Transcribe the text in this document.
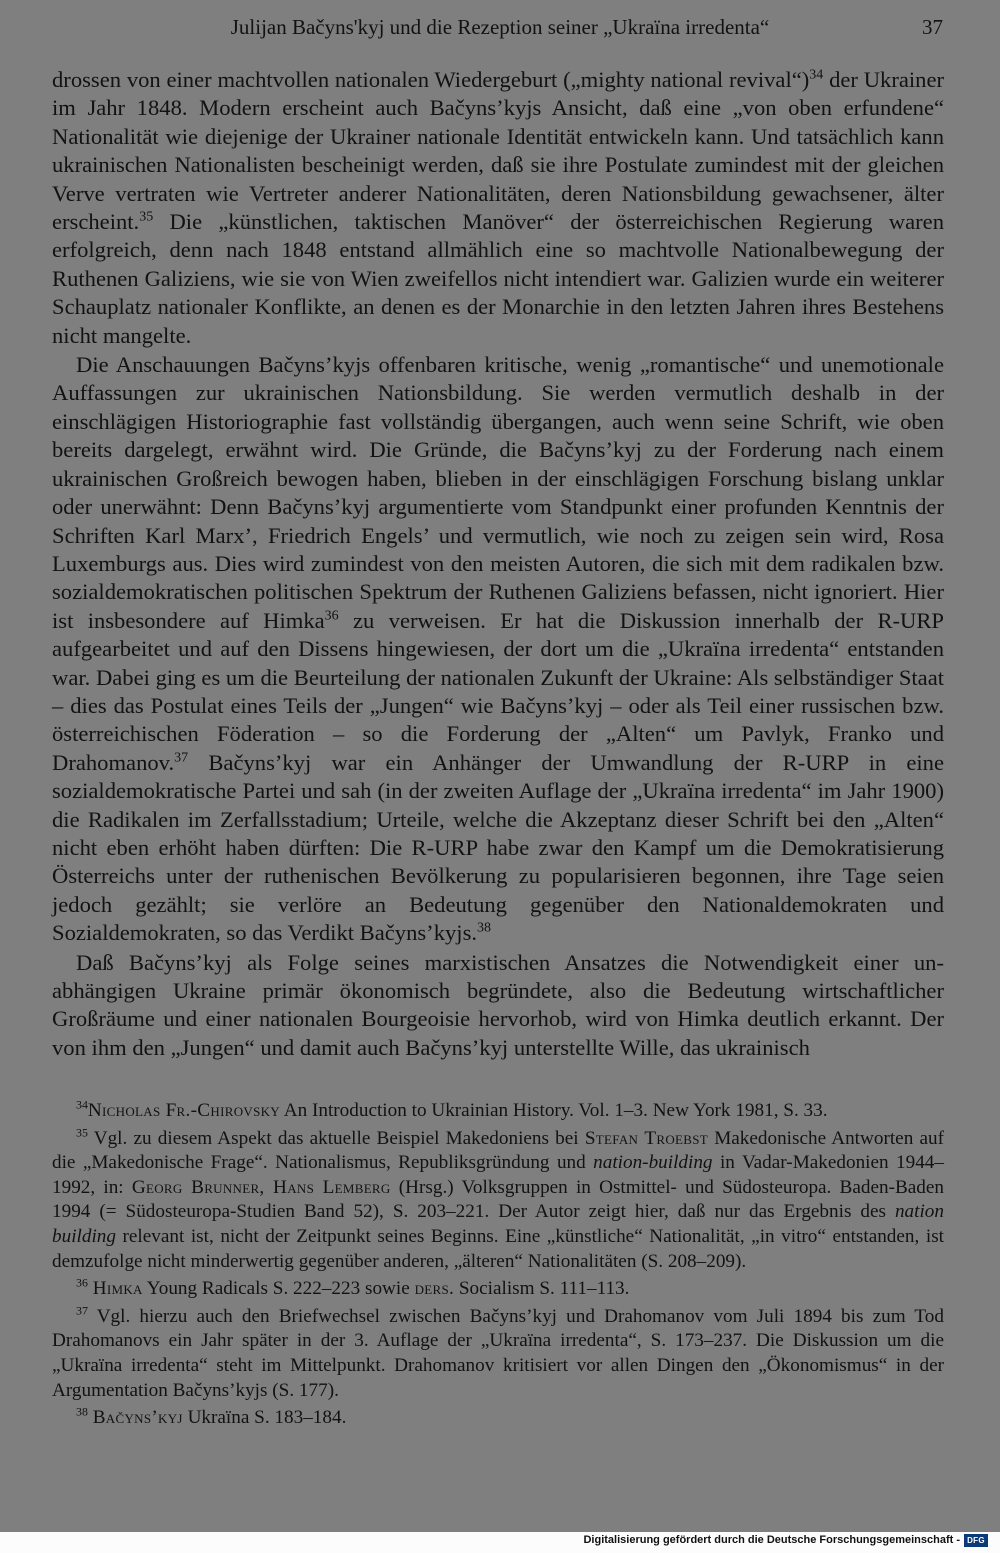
Julijan Bačyns'kyj und die Rezeption seiner „Ukraïna irredenta“	37

drossen von einer machtvollen nationalen Wiedergeburt („mighty national revival“)$^{34}$ der Ukrainer im Jahr 1848. Modern erscheint auch Bačyns’kyjs Ansicht, daß eine „von oben erfundene“ Nationalität wie diejenige der Ukrainer nationale Identität entwickeln kann. Und tatsächlich kann ukrainischen Nationalisten bescheinigt werden, daß sie ihre Postulate zumindest mit der gleichen Verve vertraten wie Vertreter anderer Nationalitäten, deren Nationsbildung gewachsener, älter erscheint.$^{35}$ Die „künstlichen, taktischen Manöver“ der österreichischen Regierung waren erfolgreich, denn nach 1848 entstand allmählich eine so machtvolle Nationalbewegung der Ruthenen Galiziens, wie sie von Wien zweifellos nicht intendiert war. Galizien wurde ein weiterer Schauplatz nationaler Konflikte, an denen es der Monarchie in den letzten Jahren ihres Bestehens nicht mangelte.

Die Anschauungen Bačyns’kyjs offenbaren kritische, wenig „romantische“ und unemotionale Auffassungen zur ukrainischen Nationsbildung. Sie werden vermutlich deshalb in der einschlägigen Historiographie fast vollständig übergangen, auch wenn seine Schrift, wie oben bereits dargelegt, erwähnt wird. Die Gründe, die Bačyns’kyj zu der Forderung nach einem ukrainischen Großreich bewogen haben, blieben in der einschlägigen Forschung bislang unklar oder unerwähnt: Denn Bačyns’kyj argumentierte vom Standpunkt einer profunden Kenntnis der Schriften Karl Marx’, Friedrich Engels’ und vermutlich, wie noch zu zeigen sein wird, Rosa Luxemburgs aus. Dies wird zumindest von den meisten Autoren, die sich mit dem radikalen bzw. sozialdemokratischen politischen Spektrum der Ruthenen Galiziens befassen, nicht ignoriert. Hier ist insbesondere auf Himka$^{36}$ zu verweisen. Er hat die Diskussion innerhalb der R-URP aufgearbeitet und auf den Dissens hingewiesen, der dort um die „Ukraïna irredenta“ entstanden war. Dabei ging es um die Beurteilung der nationalen Zukunft der Ukraine: Als selbständiger Staat – dies das Postulat eines Teils der „Jungen“ wie Bačyns’kyj – oder als Teil einer russischen bzw. österreichischen Föderation – so die Forderung der „Alten“ um Pavlyk, Franko und Drahomanov.$^{37}$ Bačyns’kyj war ein Anhänger der Umwandlung der R-URP in eine sozialdemokratische Partei und sah (in der zweiten Auflage der „Ukraïna irredenta“ im Jahr 1900) die Radikalen im Zerfallsstadium; Urteile, welche die Akzeptanz dieser Schrift bei den „Alten“ nicht eben erhöht haben dürften: Die R-URP habe zwar den Kampf um die Demokratisierung Österreichs unter der ruthenischen Bevölkerung zu popularisieren begonnen, ihre Tage seien jedoch gezählt; sie verlöre an Bedeutung gegenüber den Nationaldemokraten und Sozialdemokraten, so das Verdikt Bačyns’kyjs.$^{38}$

Daß Bačyns’kyj als Folge seines marxistischen Ansatzes die Notwendigkeit einer unabhängigen Ukraine primär ökonomisch begründete, also die Bedeutung wirtschaftlicher Großräume und einer nationalen Bourgeoisie hervorhob, wird von Himka deutlich erkannt. Der von ihm den „Jungen“ und damit auch Bačyns’kyj unterstellte Wille, das ukrainisch

$^{34}$Nicholas Fr.-Chirovsky An Introduction to Ukrainian History. Vol. 1–3. New York 1981, S. 33.

$^{35}$ Vgl. zu diesem Aspekt das aktuelle Beispiel Makedoniens bei Stefan Troebst Makedonische Antworten auf die „Makedonische Frage“. Nationalismus, Republiksgründung und nation-building in Vadar-Makedonien 1944–1992, in: Georg Brunner, Hans Lemberg (Hrsg.) Volksgruppen in Ostmittel- und Südosteuropa. Baden-Baden 1994 (= Südosteuropa-Studien Band 52), S. 203–221. Der Autor zeigt hier, daß nur das Ergebnis des nation building relevant ist, nicht der Zeitpunkt seines Beginns. Eine „künstliche“ Nationalität, „in vitro“ entstanden, ist demzufolge nicht minderwertig gegenüber anderen, „älteren“ Nationalitäten (S. 208–209).

$^{36}$ Himka Young Radicals S. 222–223 sowie ders. Socialism S. 111–113.

$^{37}$ Vgl. hierzu auch den Briefwechsel zwischen Bačyns’kyj und Drahomanov vom Juli 1894 bis zum Tod Drahomanovs ein Jahr später in der 3. Auflage der „Ukraïna irredenta“, S. 173–237. Die Diskussion um die „Ukraïna irredenta“ steht im Mittelpunkt. Drahomanov kritisiert vor allen Dingen den „Ökonomismus“ in der Argumentation Bačyns’kyjs (S. 177).

$^{38}$ Bačyns’kyj Ukraïna S. 183–184.

Digitalisierung gefördert durch die Deutsche Forschungsgemeinschaft - DFG
